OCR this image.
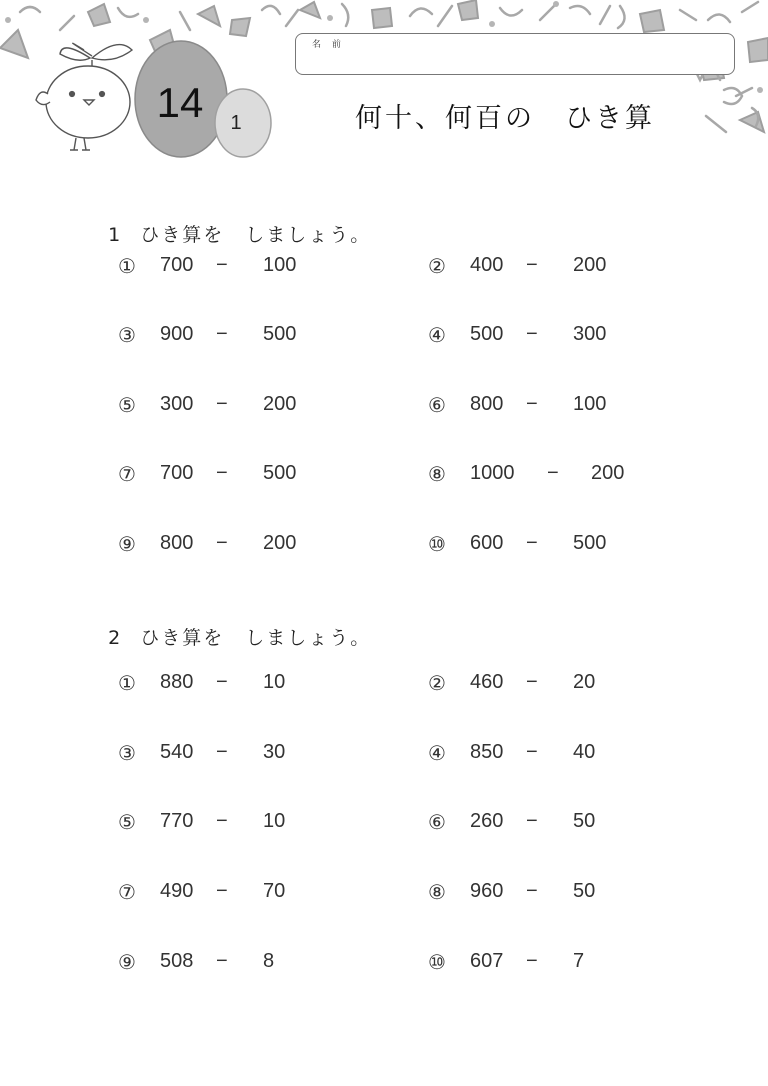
14	1
名 前
何十、何百の　ひき算

1 ひき算を　しましょう。

① 700 − 100	② 400 − 200
③ 900 − 500	④ 500 − 300
⑤ 300 − 200	⑥ 800 − 100
⑦ 700 − 500	⑧ 1000 − 200
⑨ 800 − 200	⑩ 600 − 500

2 ひき算を　しましょう。

① 880 − 10	② 460 − 20
③ 540 − 30	④ 850 − 40
⑤ 770 − 10	⑥ 260 − 50
⑦ 490 − 70	⑧ 960 − 50
⑨ 508 − 8	⑩ 607 − 7
